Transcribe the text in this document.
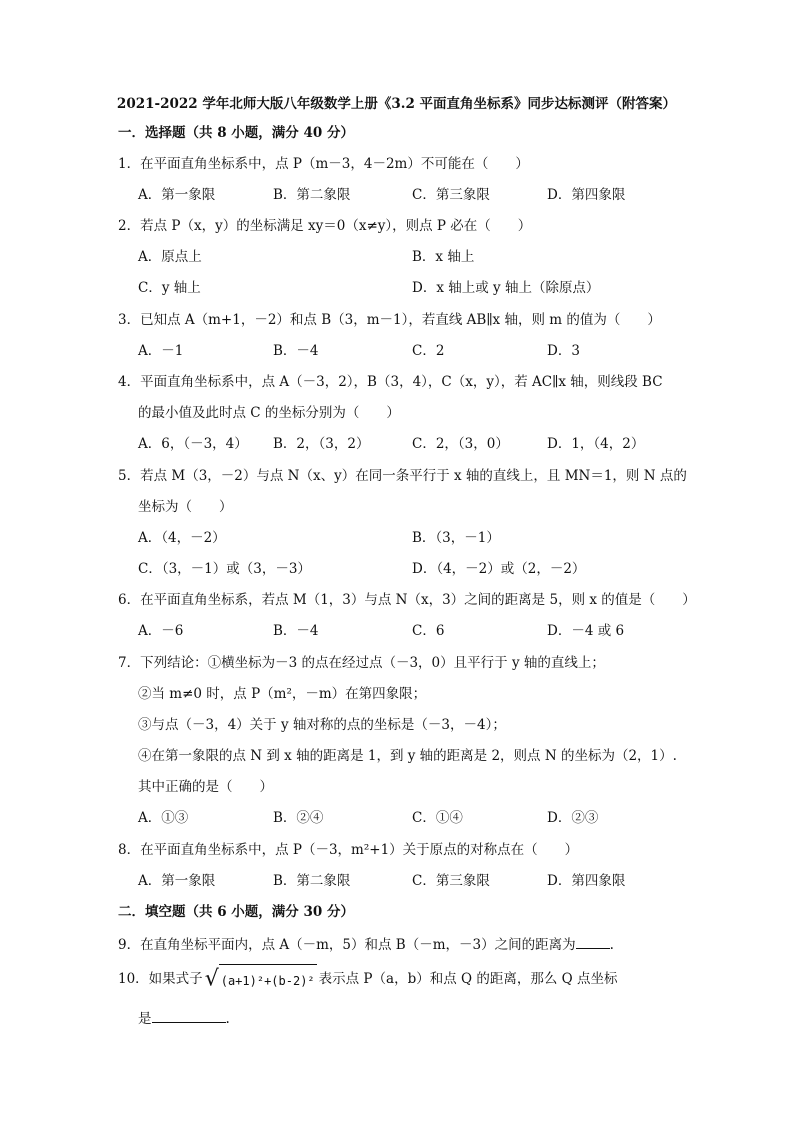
2021-2022 学年北师大版八年级数学上册《3.2 平面直角坐标系》同步达标测评（附答案）
一．选择题（共 8 小题，满分 40 分）
1．在平面直角坐标系中，点 P（m－3，4－2m）不可能在（　　）
A．第一象限	B．第二象限	C．第三象限	D．第四象限
2．若点 P（x，y）的坐标满足 xy＝0（x≠y），则点 P 必在（　　）
A．原点上	B．x 轴上
C．y 轴上	D．x 轴上或 y 轴上（除原点）
3．已知点 A（m+1，－2）和点 B（3，m－1），若直线 AB∥x 轴，则 m 的值为（　　）
A．－1	B．－4	C．2	D．3
4．平面直角坐标系中，点 A（－3，2），B（3，4），C（x，y），若 AC∥x 轴，则线段 BC
的最小值及此时点 C 的坐标分别为（　　）
A．6，（－3，4） B．2，（3，2）	C．2，（3，0）	D．1，（4，2）
5．若点 M（3，－2）与点 N（x、y）在同一条平行于 x 轴的直线上，且 MN＝1，则 N 点的
坐标为（　　）
A．（4，－2）	B．（3，－1）
C．（3，－1）或（3，－3）	D．（4，－2）或（2，－2）
6．在平面直角坐标系，若点 M（1，3）与点 N（x，3）之间的距离是 5，则 x 的值是（　　）
A．－6	B．－4	C．6	D．－4 或 6
7．下列结论：①横坐标为－3 的点在经过点（－3，0）且平行于 y 轴的直线上；
②当 m≠0 时，点 P（m²，－m）在第四象限；
③与点（－3，4）关于 y 轴对称的点的坐标是（－3，－4）；
④在第一象限的点 N 到 x 轴的距离是 1，到 y 轴的距离是 2，则点 N 的坐标为（2，1）.
其中正确的是（　　）
A．①③	B．②④	C．①④	D．②③
8．在平面直角坐标系中，点 P（－3，m²+1）关于原点的对称点在（　　）
A．第一象限	B．第二象限	C．第三象限	D．第四象限
二．填空题（共 6 小题，满分 30 分）
9．在直角坐标平面内，点 A（－m，5）和点 B（－m，－3）之间的距离为	.
10．如果式子√ (a+1)²+(b-2)² 表示点 P（a，b）和点 Q 的距离，那么 Q 点坐标
是	.
